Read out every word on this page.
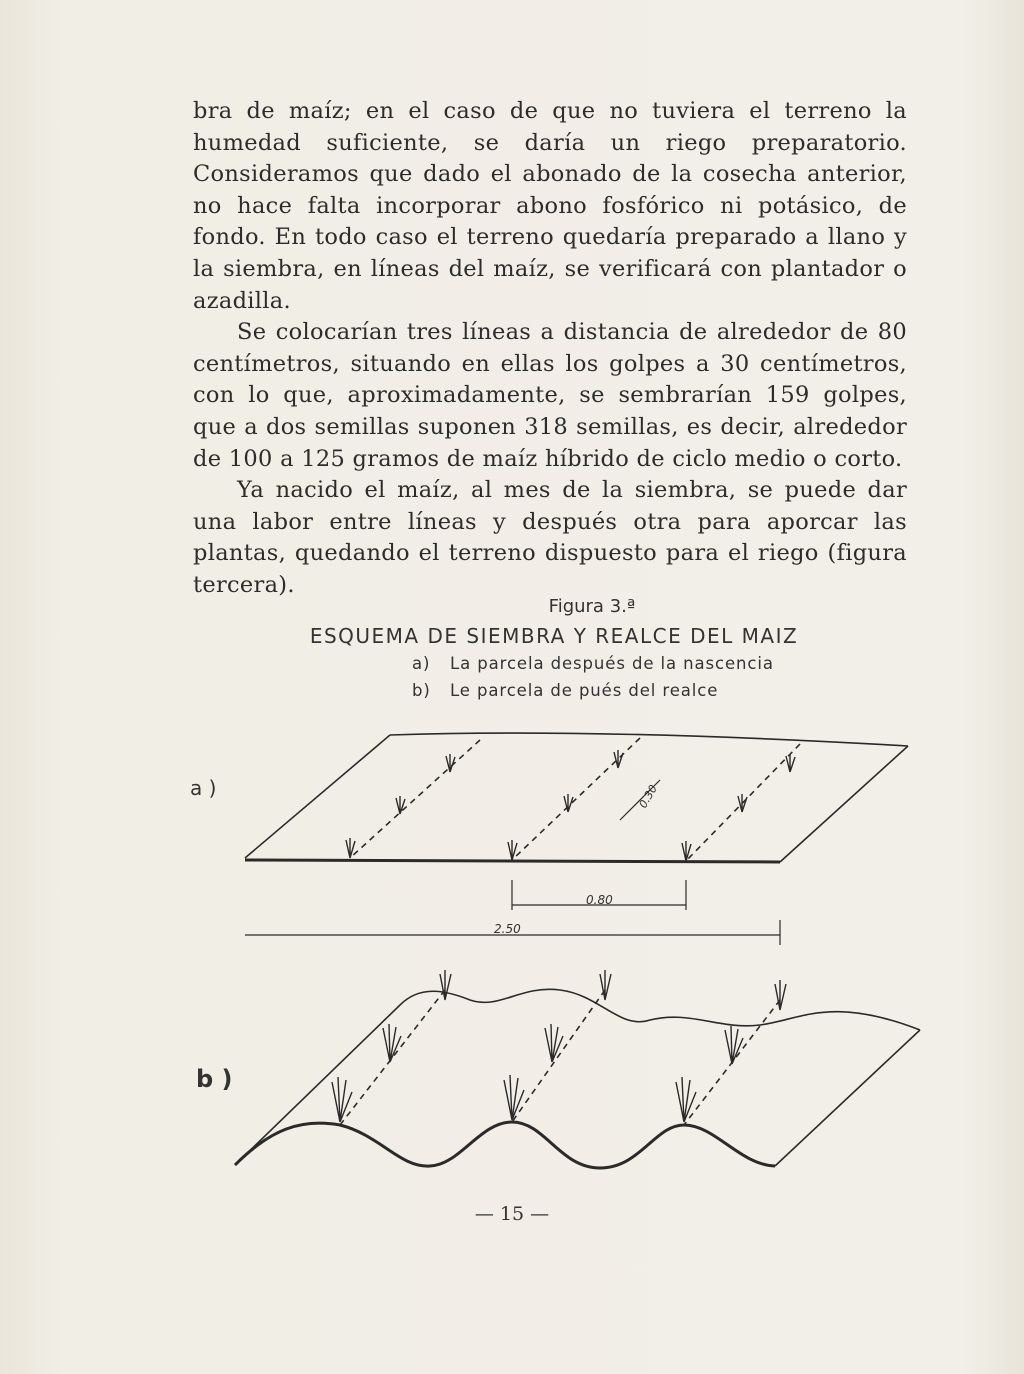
bra de maíz; en el caso de que no tuviera el terreno la humedad suficiente, se daría un riego preparatorio. Consideramos que dado el abonado de la cosecha anterior, no hace falta incorporar abono fosfórico ni potásico, de fondo. En todo caso el terreno quedaría preparado a llano y la siembra, en líneas del maíz, se verificará con plantador o azadilla.

Se colocarían tres líneas a distancia de alrededor de 80 centímetros, situando en ellas los golpes a 30 centímetros, con lo que, aproximadamente, se sembrarían 159 golpes, que a dos semillas suponen 318 semillas, es decir, alrededor de 100 a 125 gramos de maíz híbrido de ciclo medio o corto.

Ya nacido el maíz, al mes de la siembra, se puede dar una labor entre líneas y después otra para aporcar las plantas, quedando el terreno dispuesto para el riego (figura tercera).

Figura 3.ª
ESQUEMA DE SIEMBRA Y REALCE DEL MAIZ
a) La parcela después de la nascencia
b) Le parcela de pués del realce
a )
b )
0.80
2.50
0.30
— 15 —
